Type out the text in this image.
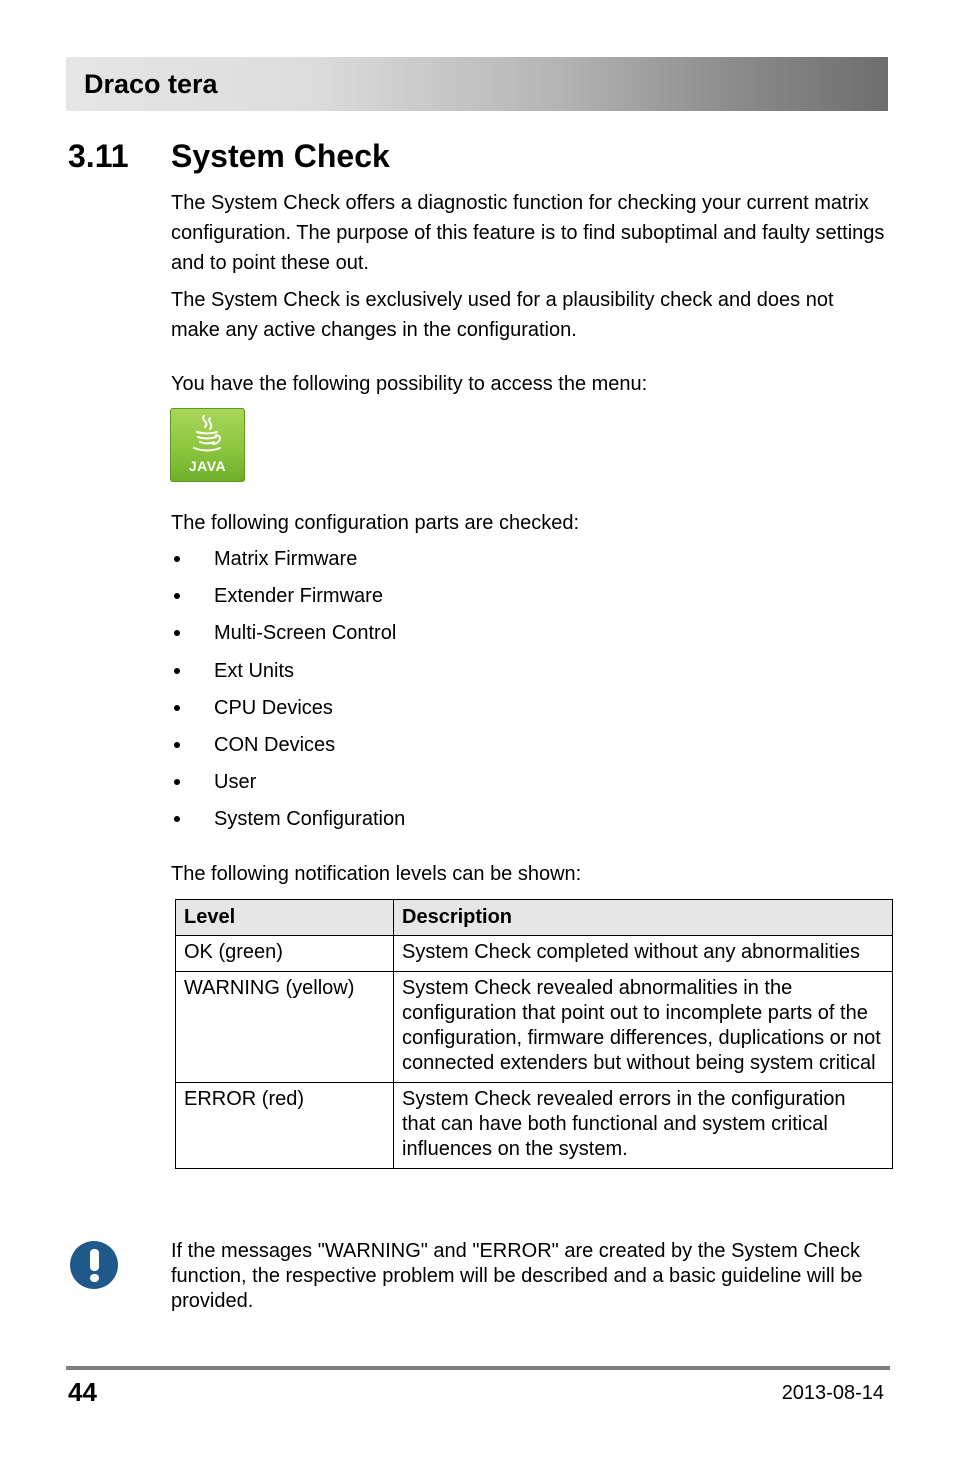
Draco tera
3.11 System Check

The System Check offers a diagnostic function for checking your current matrix configuration. The purpose of this feature is to find suboptimal and faulty settings and to point these out.

The System Check is exclusively used for a plausibility check and does not make any active changes in the configuration.

You have the following possibility to access the menu:

JAVA

The following configuration parts are checked:

Matrix Firmware
Extender Firmware
Multi-Screen Control
Ext Units
CPU Devices
CON Devices
User
System Configuration

The following notification levels can be shown:

Level	Description
OK (green)	System Check completed without any abnormalities
WARNING (yellow)	System Check revealed abnormalities in the configuration that point out to incomplete parts of the configuration, firmware differences, duplications or not connected extenders but without being system critical
ERROR (red)	System Check revealed errors in the configuration that can have both functional and system critical influences on the system.

If the messages "WARNING" and "ERROR" are created by the System Check function, the respective problem will be described and a basic guideline will be provided.

44	2013-08-14
